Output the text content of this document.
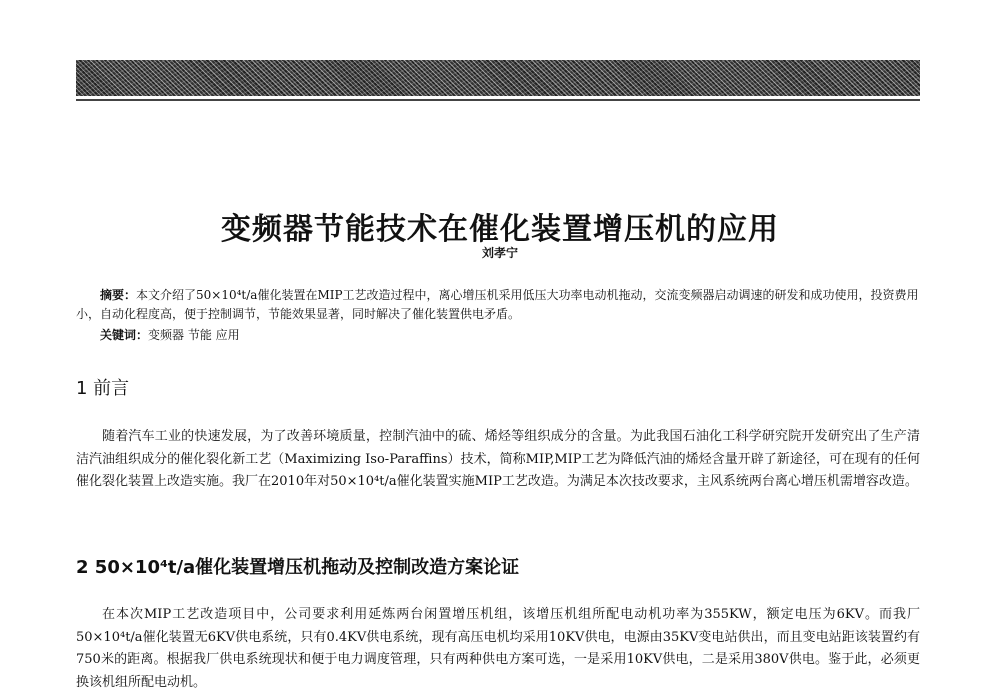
变频器节能技术在催化装置增压机的应用
刘孝宁
摘要：本文介绍了50×10⁴t/a催化装置在MIP工艺改造过程中，离心增压机采用低压大功率电动机拖动，交流变频器启动调速的研发和成功使用，投资费用小，自动化程度高，便于控制调节，节能效果显著，同时解决了催化装置供电矛盾。
关键词：变频器 节能 应用
1 前言
随着汽车工业的快速发展，为了改善环境质量，控制汽油中的硫、烯烃等组织成分的含量。为此我国石油化工科学研究院开发研究出了生产清洁汽油组织成分的催化裂化新工艺（Maximizing Iso-Paraffins）技术，简称MIP,MIP工艺为降低汽油的烯烃含量开辟了新途径，可在现有的任何催化裂化装置上改造实施。我厂在2010年对50×10⁴t/a催化装置实施MIP工艺改造。为满足本次技改要求，主风系统两台离心增压机需增容改造。
2 50×10⁴t/a催化装置增压机拖动及控制改造方案论证
在本次MIP工艺改造项目中，公司要求利用延炼两台闲置增压机组，该增压机组所配电动机功率为355KW，额定电压为6KV。而我厂50×10⁴t/a催化装置无6KV供电系统，只有0.4KV供电系统，现有高压电机均采用10KV供电，电源由35KV变电站供出，而且变电站距该装置约有750米的距离。根据我厂供电系统现状和便于电力调度管理，只有两种供电方案可选，一是采用10KV供电，二是采用380V供电。鉴于此，必须更换该机组所配电动机。
